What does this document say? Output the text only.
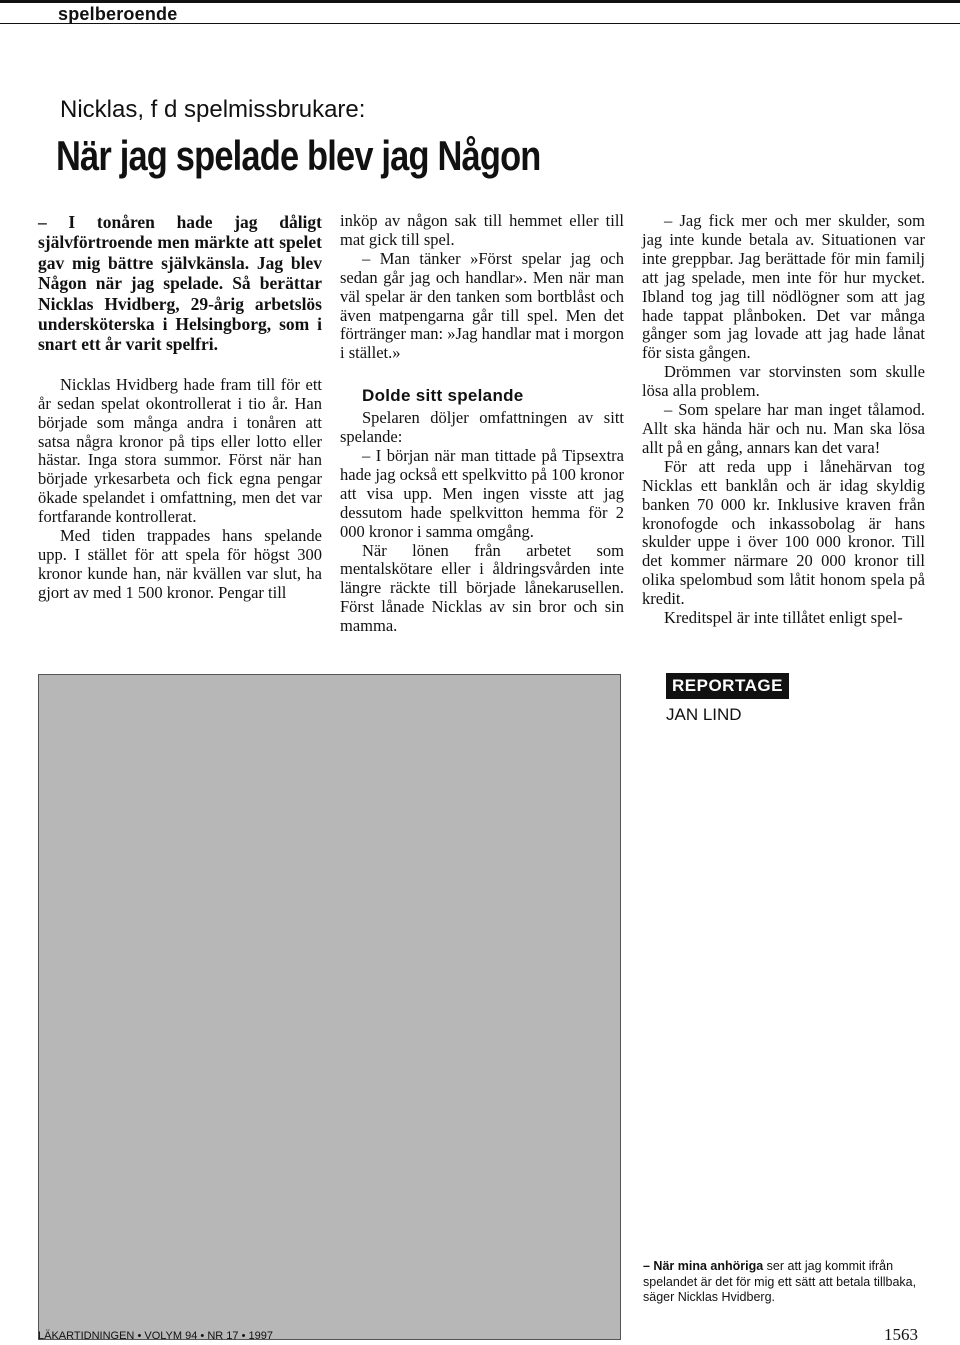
spelberoende
Nicklas, f d spelmissbrukare:
När jag spelade blev jag Någon

– I tonåren hade jag dåligt självförtroende men märkte att spelet gav mig bättre självkänsla. Jag blev Någon när jag spelade. Så berättar Nicklas Hvidberg, 29-årig arbetslös undersköterska i Helsingborg, som i snart ett år varit spelfri.

Nicklas Hvidberg hade fram till för ett år sedan spelat okontrollerat i tio år. Han började som många andra i tonåren att satsa några kronor på tips eller lotto eller hästar. Inga stora summor. Först när han började yrkesarbeta och fick egna pengar ökade spelandet i omfattning, men det var fortfarande kontrollerat.

Med tiden trappades hans spelande upp. I stället för att spela för högst 300 kronor kunde han, när kvällen var slut, ha gjort av med 1 500 kronor. Pengar till

inköp av någon sak till hemmet eller till mat gick till spel.

– Man tänker »Först spelar jag och sedan går jag och handlar». Men när man väl spelar är den tanken som bortblåst och även matpengarna går till spel. Men det förtränger man: »Jag handlar mat i morgon i stället.»

Dolde sitt spelande

Spelaren döljer omfattningen av sitt spelande:

– I början när man tittade på Tipsextra hade jag också ett spelkvitto på 100 kronor att visa upp. Men ingen visste att jag dessutom hade spelkvitton hemma för 2 000 kronor i samma omgång.

När lönen från arbetet som mentalskötare eller i åldringsvården inte längre räckte till började lånekarusellen. Först lånade Nicklas av sin bror och sin mamma.

– Jag fick mer och mer skulder, som jag inte kunde betala av. Situationen var inte greppbar. Jag berättade för min familj att jag spelade, men inte för hur mycket. Ibland tog jag till nödlögner som att jag hade tappat plånboken. Det var många gånger som jag lovade att jag hade lånat för sista gången.

Drömmen var storvinsten som skulle lösa alla problem.

– Som spelare har man inget tålamod. Allt ska hända här och nu. Man ska lösa allt på en gång, annars kan det vara!

För att reda upp i lånehärvan tog Nicklas ett banklån och är idag skyldig banken 70 000 kr. Inklusive kraven från kronofogde och inkassobolag är hans skulder uppe i över 100 000 kronor. Till det kommer närmare 20 000 kronor till olika spelombud som låtit honom spela på kredit.

Kreditspel är inte tillåtet enligt spel-

REPORTAGE
JAN LIND
– När mina anhöriga ser att jag kommit ifrån spelandet är det för mig ett sätt att betala tillbaka, säger Nicklas Hvidberg.
LÄKARTIDNINGEN • VOLYM 94 • NR 17 • 1997	1563
